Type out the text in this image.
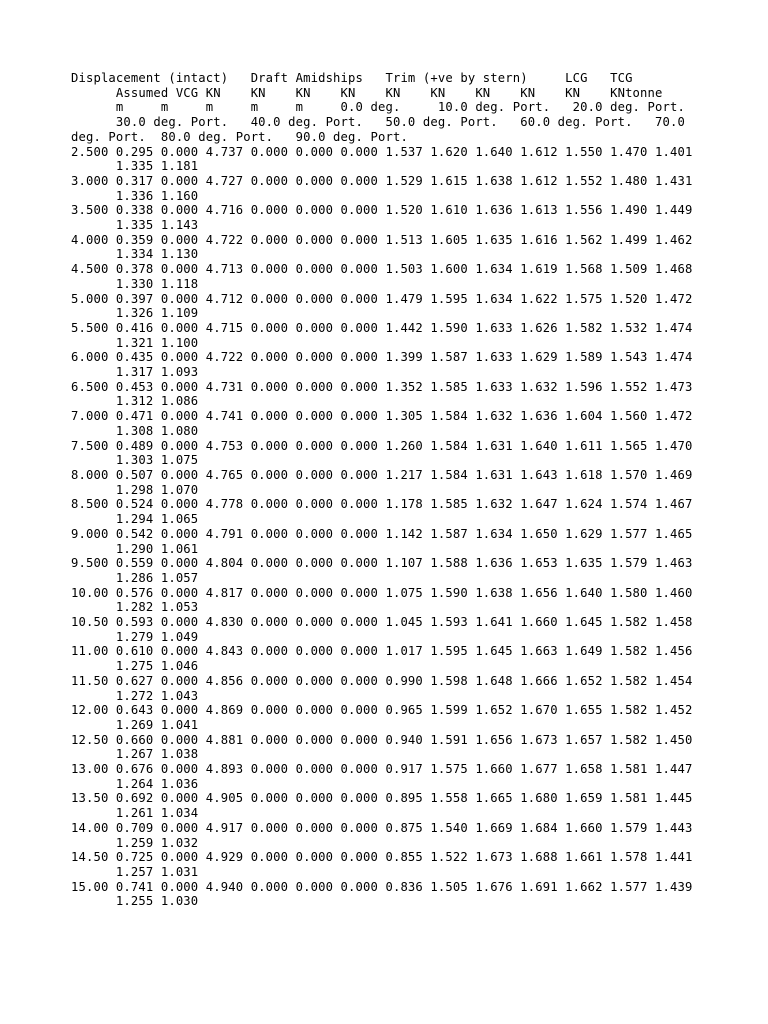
Displacement (intact)   Draft Amidships   Trim (+ve by stern)     LCG   TCG
Assumed VCG KN    KN    KN    KN    KN    KN    KN    KN    KN    KNtonne
m     m     m     m     m     0.0 deg.     10.0 deg. Port.   20.0 deg. Port.
30.0 deg. Port.   40.0 deg. Port.   50.0 deg. Port.   60.0 deg. Port.   70.0
deg. Port.  80.0 deg. Port.   90.0 deg. Port.
2.500 0.295 0.000 4.737 0.000 0.000 0.000 1.537 1.620 1.640 1.612 1.550 1.470 1.401
1.335 1.181
3.000 0.317 0.000 4.727 0.000 0.000 0.000 1.529 1.615 1.638 1.612 1.552 1.480 1.431
1.336 1.160
3.500 0.338 0.000 4.716 0.000 0.000 0.000 1.520 1.610 1.636 1.613 1.556 1.490 1.449
1.335 1.143
4.000 0.359 0.000 4.722 0.000 0.000 0.000 1.513 1.605 1.635 1.616 1.562 1.499 1.462
1.334 1.130
4.500 0.378 0.000 4.713 0.000 0.000 0.000 1.503 1.600 1.634 1.619 1.568 1.509 1.468
1.330 1.118
5.000 0.397 0.000 4.712 0.000 0.000 0.000 1.479 1.595 1.634 1.622 1.575 1.520 1.472
1.326 1.109
5.500 0.416 0.000 4.715 0.000 0.000 0.000 1.442 1.590 1.633 1.626 1.582 1.532 1.474
1.321 1.100
6.000 0.435 0.000 4.722 0.000 0.000 0.000 1.399 1.587 1.633 1.629 1.589 1.543 1.474
1.317 1.093
6.500 0.453 0.000 4.731 0.000 0.000 0.000 1.352 1.585 1.633 1.632 1.596 1.552 1.473
1.312 1.086
7.000 0.471 0.000 4.741 0.000 0.000 0.000 1.305 1.584 1.632 1.636 1.604 1.560 1.472
1.308 1.080
7.500 0.489 0.000 4.753 0.000 0.000 0.000 1.260 1.584 1.631 1.640 1.611 1.565 1.470
1.303 1.075
8.000 0.507 0.000 4.765 0.000 0.000 0.000 1.217 1.584 1.631 1.643 1.618 1.570 1.469
1.298 1.070
8.500 0.524 0.000 4.778 0.000 0.000 0.000 1.178 1.585 1.632 1.647 1.624 1.574 1.467
1.294 1.065
9.000 0.542 0.000 4.791 0.000 0.000 0.000 1.142 1.587 1.634 1.650 1.629 1.577 1.465
1.290 1.061
9.500 0.559 0.000 4.804 0.000 0.000 0.000 1.107 1.588 1.636 1.653 1.635 1.579 1.463
1.286 1.057
10.00 0.576 0.000 4.817 0.000 0.000 0.000 1.075 1.590 1.638 1.656 1.640 1.580 1.460
1.282 1.053
10.50 0.593 0.000 4.830 0.000 0.000 0.000 1.045 1.593 1.641 1.660 1.645 1.582 1.458
1.279 1.049
11.00 0.610 0.000 4.843 0.000 0.000 0.000 1.017 1.595 1.645 1.663 1.649 1.582 1.456
1.275 1.046
11.50 0.627 0.000 4.856 0.000 0.000 0.000 0.990 1.598 1.648 1.666 1.652 1.582 1.454
1.272 1.043
12.00 0.643 0.000 4.869 0.000 0.000 0.000 0.965 1.599 1.652 1.670 1.655 1.582 1.452
1.269 1.041
12.50 0.660 0.000 4.881 0.000 0.000 0.000 0.940 1.591 1.656 1.673 1.657 1.582 1.450
1.267 1.038
13.00 0.676 0.000 4.893 0.000 0.000 0.000 0.917 1.575 1.660 1.677 1.658 1.581 1.447
1.264 1.036
13.50 0.692 0.000 4.905 0.000 0.000 0.000 0.895 1.558 1.665 1.680 1.659 1.581 1.445
1.261 1.034
14.00 0.709 0.000 4.917 0.000 0.000 0.000 0.875 1.540 1.669 1.684 1.660 1.579 1.443
1.259 1.032
14.50 0.725 0.000 4.929 0.000 0.000 0.000 0.855 1.522 1.673 1.688 1.661 1.578 1.441
1.257 1.031
15.00 0.741 0.000 4.940 0.000 0.000 0.000 0.836 1.505 1.676 1.691 1.662 1.577 1.439
1.255 1.030
